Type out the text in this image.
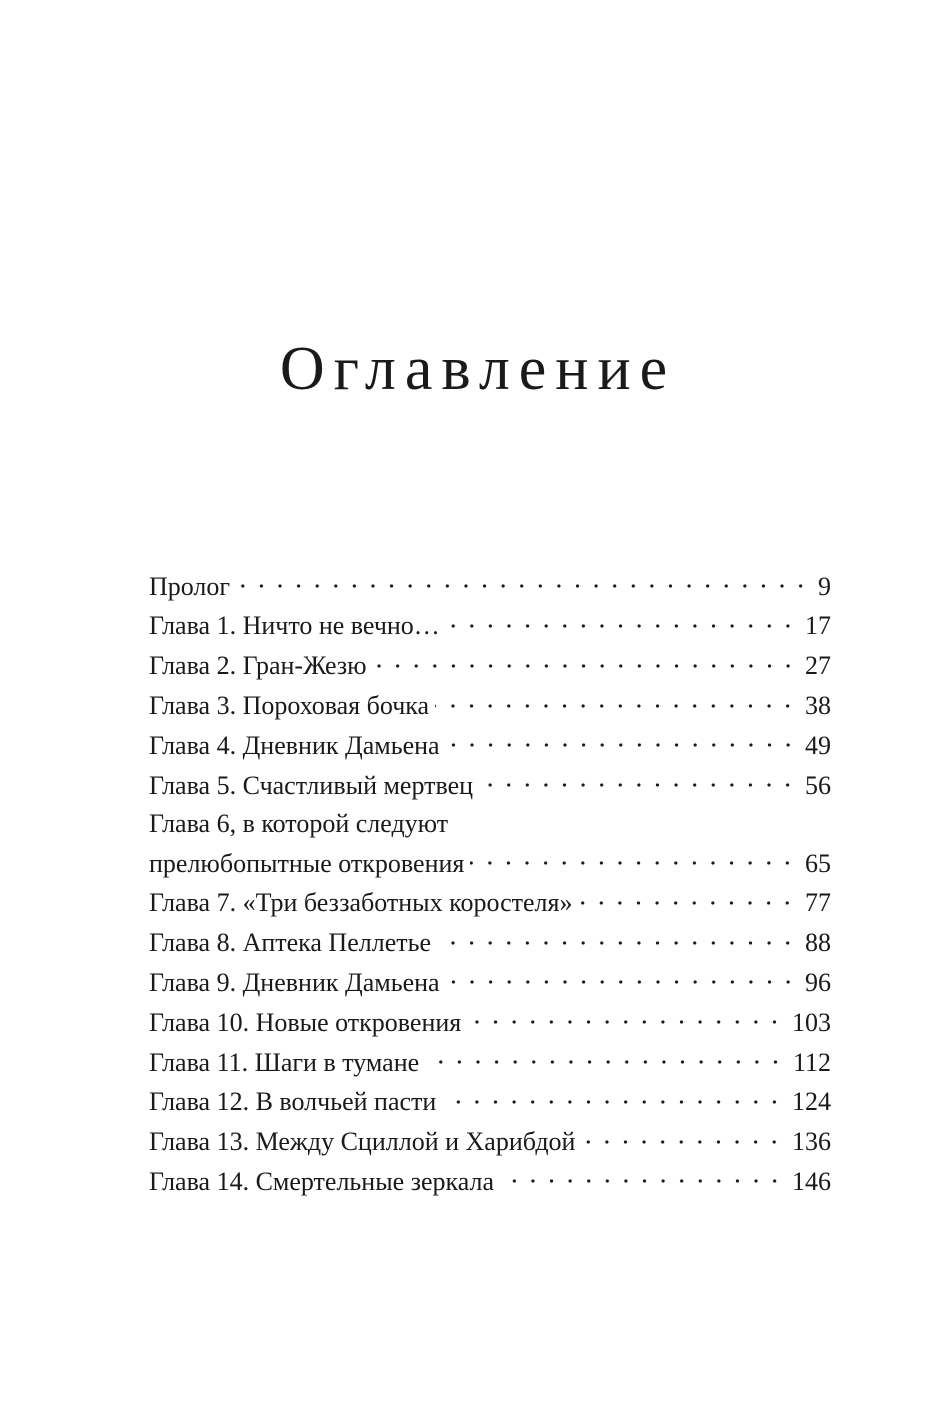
Оглавление
Пролог	9
Глава 1. Ничто не вечно…	17
Глава 2. Гран-Жезю	27
Глава 3. Пороховая бочка	38
Глава 4. Дневник Дамьена	49
Глава 5. Счастливый мертвец	56
Глава 6, в которой следуют
прелюбопытные откровения	65
Глава 7. «Три беззаботных коростеля»	77
Глава 8. Аптека Пеллетье	88
Глава 9. Дневник Дамьена	96
Глава 10. Новые откровения	103
Глава 11. Шаги в тумане	112
Глава 12. В волчьей пасти	124
Глава 13. Между Сциллой и Харибдой	136
Глава 14. Смертельные зеркала	146
